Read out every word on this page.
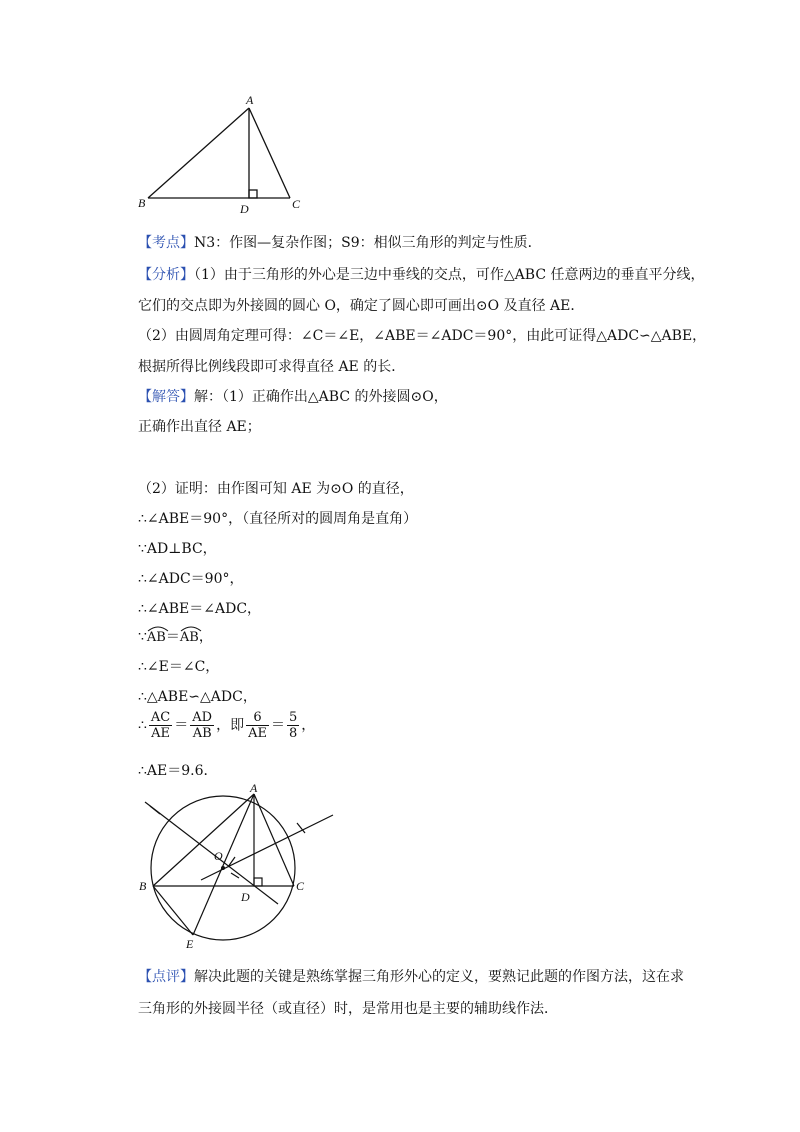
A
B	C
D
【考点】N3：作图—复杂作图；S9：相似三角形的判定与性质．
【分析】（1）由于三角形的外心是三边中垂线的交点，可作△ABC 任意两边的垂直平分线，
它们的交点即为外接圆的圆心 O，确定了圆心即可画出⊙O 及直径 AE．
（2）由圆周角定理可得：∠C＝∠E，∠ABE＝∠ADC＝90°，由此可证得△ADC∽△ABE，
根据所得比例线段即可求得直径 AE 的长．
【解答】解：（1）正确作出△ABC 的外接圆⊙O，
正确作出直径 AE；
（2）证明：由作图可知 AE 为⊙O 的直径，
∴∠ABE＝90°，（直径所对的圆周角是直角）
∵AD⊥BC，
∴∠ADC＝90°，
∴∠ABE＝∠ADC，
∵
AB＝
AB，
∴∠E＝∠C，
∴△ABE∽△ADC，
∴ $\frac{AC}{AE} = \frac{AD}{AB}$ ，即 $\frac{6}{AE} = \frac{5}{8}$ ，
∴AE＝9.6．
A
B	C
D
E
O
【点评】解决此题的关键是熟练掌握三角形外心的定义，要熟记此题的作图方法，这在求
三角形的外接圆半径（或直径）时，是常用也是主要的辅助线作法．
